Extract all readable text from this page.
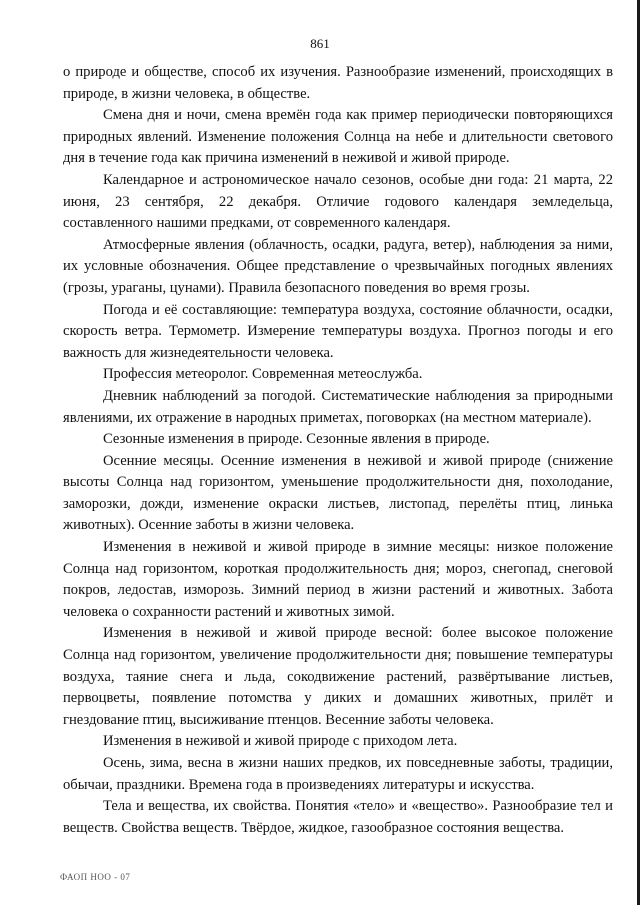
861

о природе и обществе, способ их изучения. Разнообразие изменений, происходящих в природе, в жизни человека, в обществе.

Смена дня и ночи, смена времён года как пример периодически повторяющихся природных явлений. Изменение положения Солнца на небе и длительности светового дня в течение года как причина изменений в неживой и живой природе.

Календарное и астрономическое начало сезонов, особые дни года: 21 марта, 22 июня, 23 сентября, 22 декабря. Отличие годового календаря земледельца, составленного нашими предками, от современного календаря.

Атмосферные явления (облачность, осадки, радуга, ветер), наблюдения за ними, их условные обозначения. Общее представление о чрезвычайных погодных явлениях (грозы, ураганы, цунами). Правила безопасного поведения во время грозы.

Погода и её составляющие: температура воздуха, состояние облачности, осадки, скорость ветра. Термометр. Измерение температуры воздуха. Прогноз погоды и его важность для жизнедеятельности человека.

Профессия метеоролог. Современная метеослужба.

Дневник наблюдений за погодой. Систематические наблюдения за природными явлениями, их отражение в народных приметах, поговорках (на местном материале).

Сезонные изменения в природе. Сезонные явления в природе.

Осенние месяцы. Осенние изменения в неживой и живой природе (снижение высоты Солнца над горизонтом, уменьшение продолжительности дня, похолодание, заморозки, дожди, изменение окраски листьев, листопад, перелёты птиц, линька животных). Осенние заботы в жизни человека.

Изменения в неживой и живой природе в зимние месяцы: низкое положение Солнца над горизонтом, короткая продолжительность дня; мороз, снегопад, снеговой покров, ледостав, изморозь. Зимний период в жизни растений и животных. Забота человека о сохранности растений и животных зимой.

Изменения в неживой и живой природе весной: более высокое положение Солнца над горизонтом, увеличение продолжительности дня; повышение температуры воздуха, таяние снега и льда, сокодвижение растений, развёртывание листьев, первоцветы, появление потомства у диких и домашних животных, прилёт и гнездование птиц, высиживание птенцов. Весенние заботы человека.

Изменения в неживой и живой природе с приходом лета.

Осень, зима, весна в жизни наших предков, их повседневные заботы, традиции, обычаи, праздники. Времена года в произведениях литературы и искусства.

Тела и вещества, их свойства. Понятия «тело» и «вещество». Разнообразие тел и веществ. Свойства веществ. Твёрдое, жидкое, газообразное состояния вещества.

ФАОП НОО - 07
